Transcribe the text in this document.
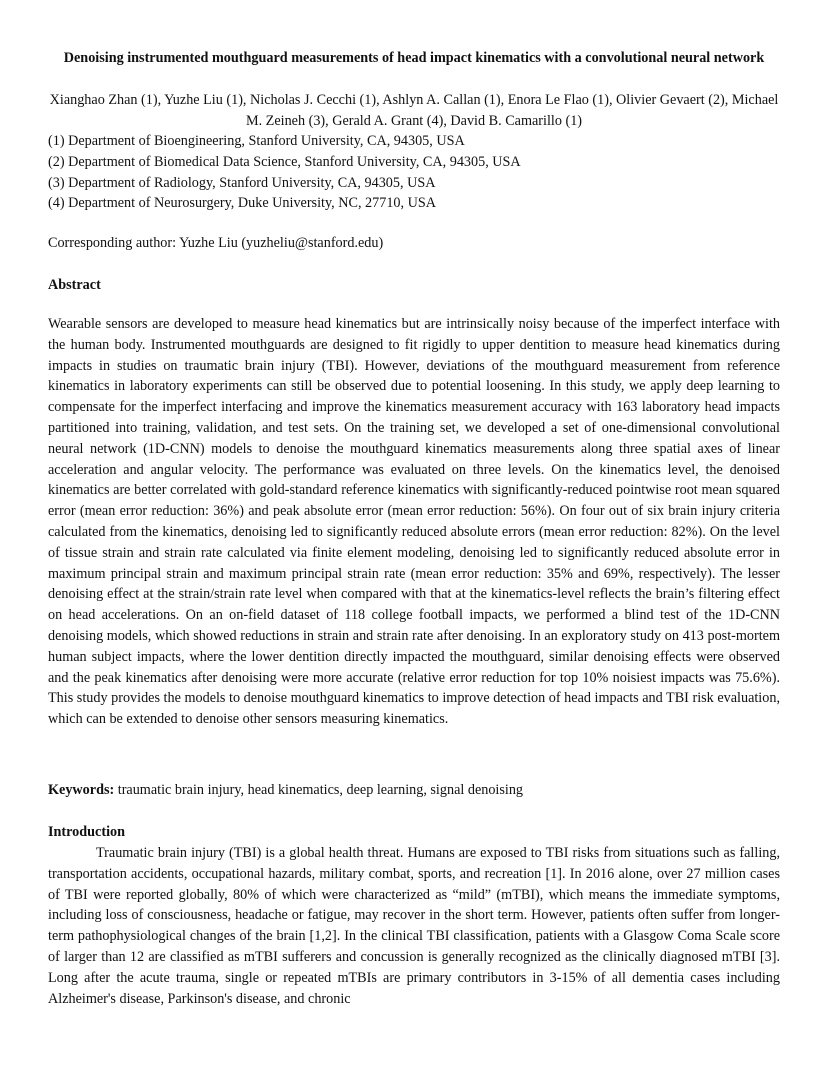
Denoising instrumented mouthguard measurements of head impact kinematics with a convolutional neural network
Xianghao Zhan (1), Yuzhe Liu (1), Nicholas J. Cecchi (1), Ashlyn A. Callan (1), Enora Le Flao (1), Olivier Gevaert (2), Michael M. Zeineh (3), Gerald A. Grant (4), David B. Camarillo (1)
(1) Department of Bioengineering, Stanford University, CA, 94305, USA
(2) Department of Biomedical Data Science, Stanford University, CA, 94305, USA
(3) Department of Radiology, Stanford University, CA, 94305, USA
(4) Department of Neurosurgery, Duke University, NC, 27710, USA
Corresponding author: Yuzhe Liu (yuzheliu@stanford.edu)
Abstract
Wearable sensors are developed to measure head kinematics but are intrinsically noisy because of the imperfect interface with the human body. Instrumented mouthguards are designed to fit rigidly to upper dentition to measure head kinematics during impacts in studies on traumatic brain injury (TBI). However, deviations of the mouthguard measurement from reference kinematics in laboratory experiments can still be observed due to potential loosening. In this study, we apply deep learning to compensate for the imperfect interfacing and improve the kinematics measurement accuracy with 163 laboratory head impacts partitioned into training, validation, and test sets. On the training set, we developed a set of one-dimensional convolutional neural network (1D-CNN) models to denoise the mouthguard kinematics measurements along three spatial axes of linear acceleration and angular velocity. The performance was evaluated on three levels. On the kinematics level, the denoised kinematics are better correlated with gold-standard reference kinematics with significantly-reduced pointwise root mean squared error (mean error reduction: 36%) and peak absolute error (mean error reduction: 56%). On four out of six brain injury criteria calculated from the kinematics, denoising led to significantly reduced absolute errors (mean error reduction: 82%). On the level of tissue strain and strain rate calculated via finite element modeling, denoising led to significantly reduced absolute error in maximum principal strain and maximum principal strain rate (mean error reduction: 35% and 69%, respectively). The lesser denoising effect at the strain/strain rate level when compared with that at the kinematics-level reflects the brain’s filtering effect on head accelerations. On an on-field dataset of 118 college football impacts, we performed a blind test of the 1D-CNN denoising models, which showed reductions in strain and strain rate after denoising. In an exploratory study on 413 post-mortem human subject impacts, where the lower dentition directly impacted the mouthguard, similar denoising effects were observed and the peak kinematics after denoising were more accurate (relative error reduction for top 10% noisiest impacts was 75.6%). This study provides the models to denoise mouthguard kinematics to improve detection of head impacts and TBI risk evaluation, which can be extended to denoise other sensors measuring kinematics.
Keywords: traumatic brain injury, head kinematics, deep learning, signal denoising
Introduction
Traumatic brain injury (TBI) is a global health threat. Humans are exposed to TBI risks from situations such as falling, transportation accidents, occupational hazards, military combat, sports, and recreation [1]. In 2016 alone, over 27 million cases of TBI were reported globally, 80% of which were characterized as “mild” (mTBI), which means the immediate symptoms, including loss of consciousness, headache or fatigue, may recover in the short term. However, patients often suffer from longer-term pathophysiological changes of the brain [1,2]. In the clinical TBI classification, patients with a Glasgow Coma Scale score of larger than 12 are classified as mTBI sufferers and concussion is generally recognized as the clinically diagnosed mTBI [3]. Long after the acute trauma, single or repeated mTBIs are primary contributors in 3-15% of all dementia cases including Alzheimer's disease, Parkinson's disease, and chronic
